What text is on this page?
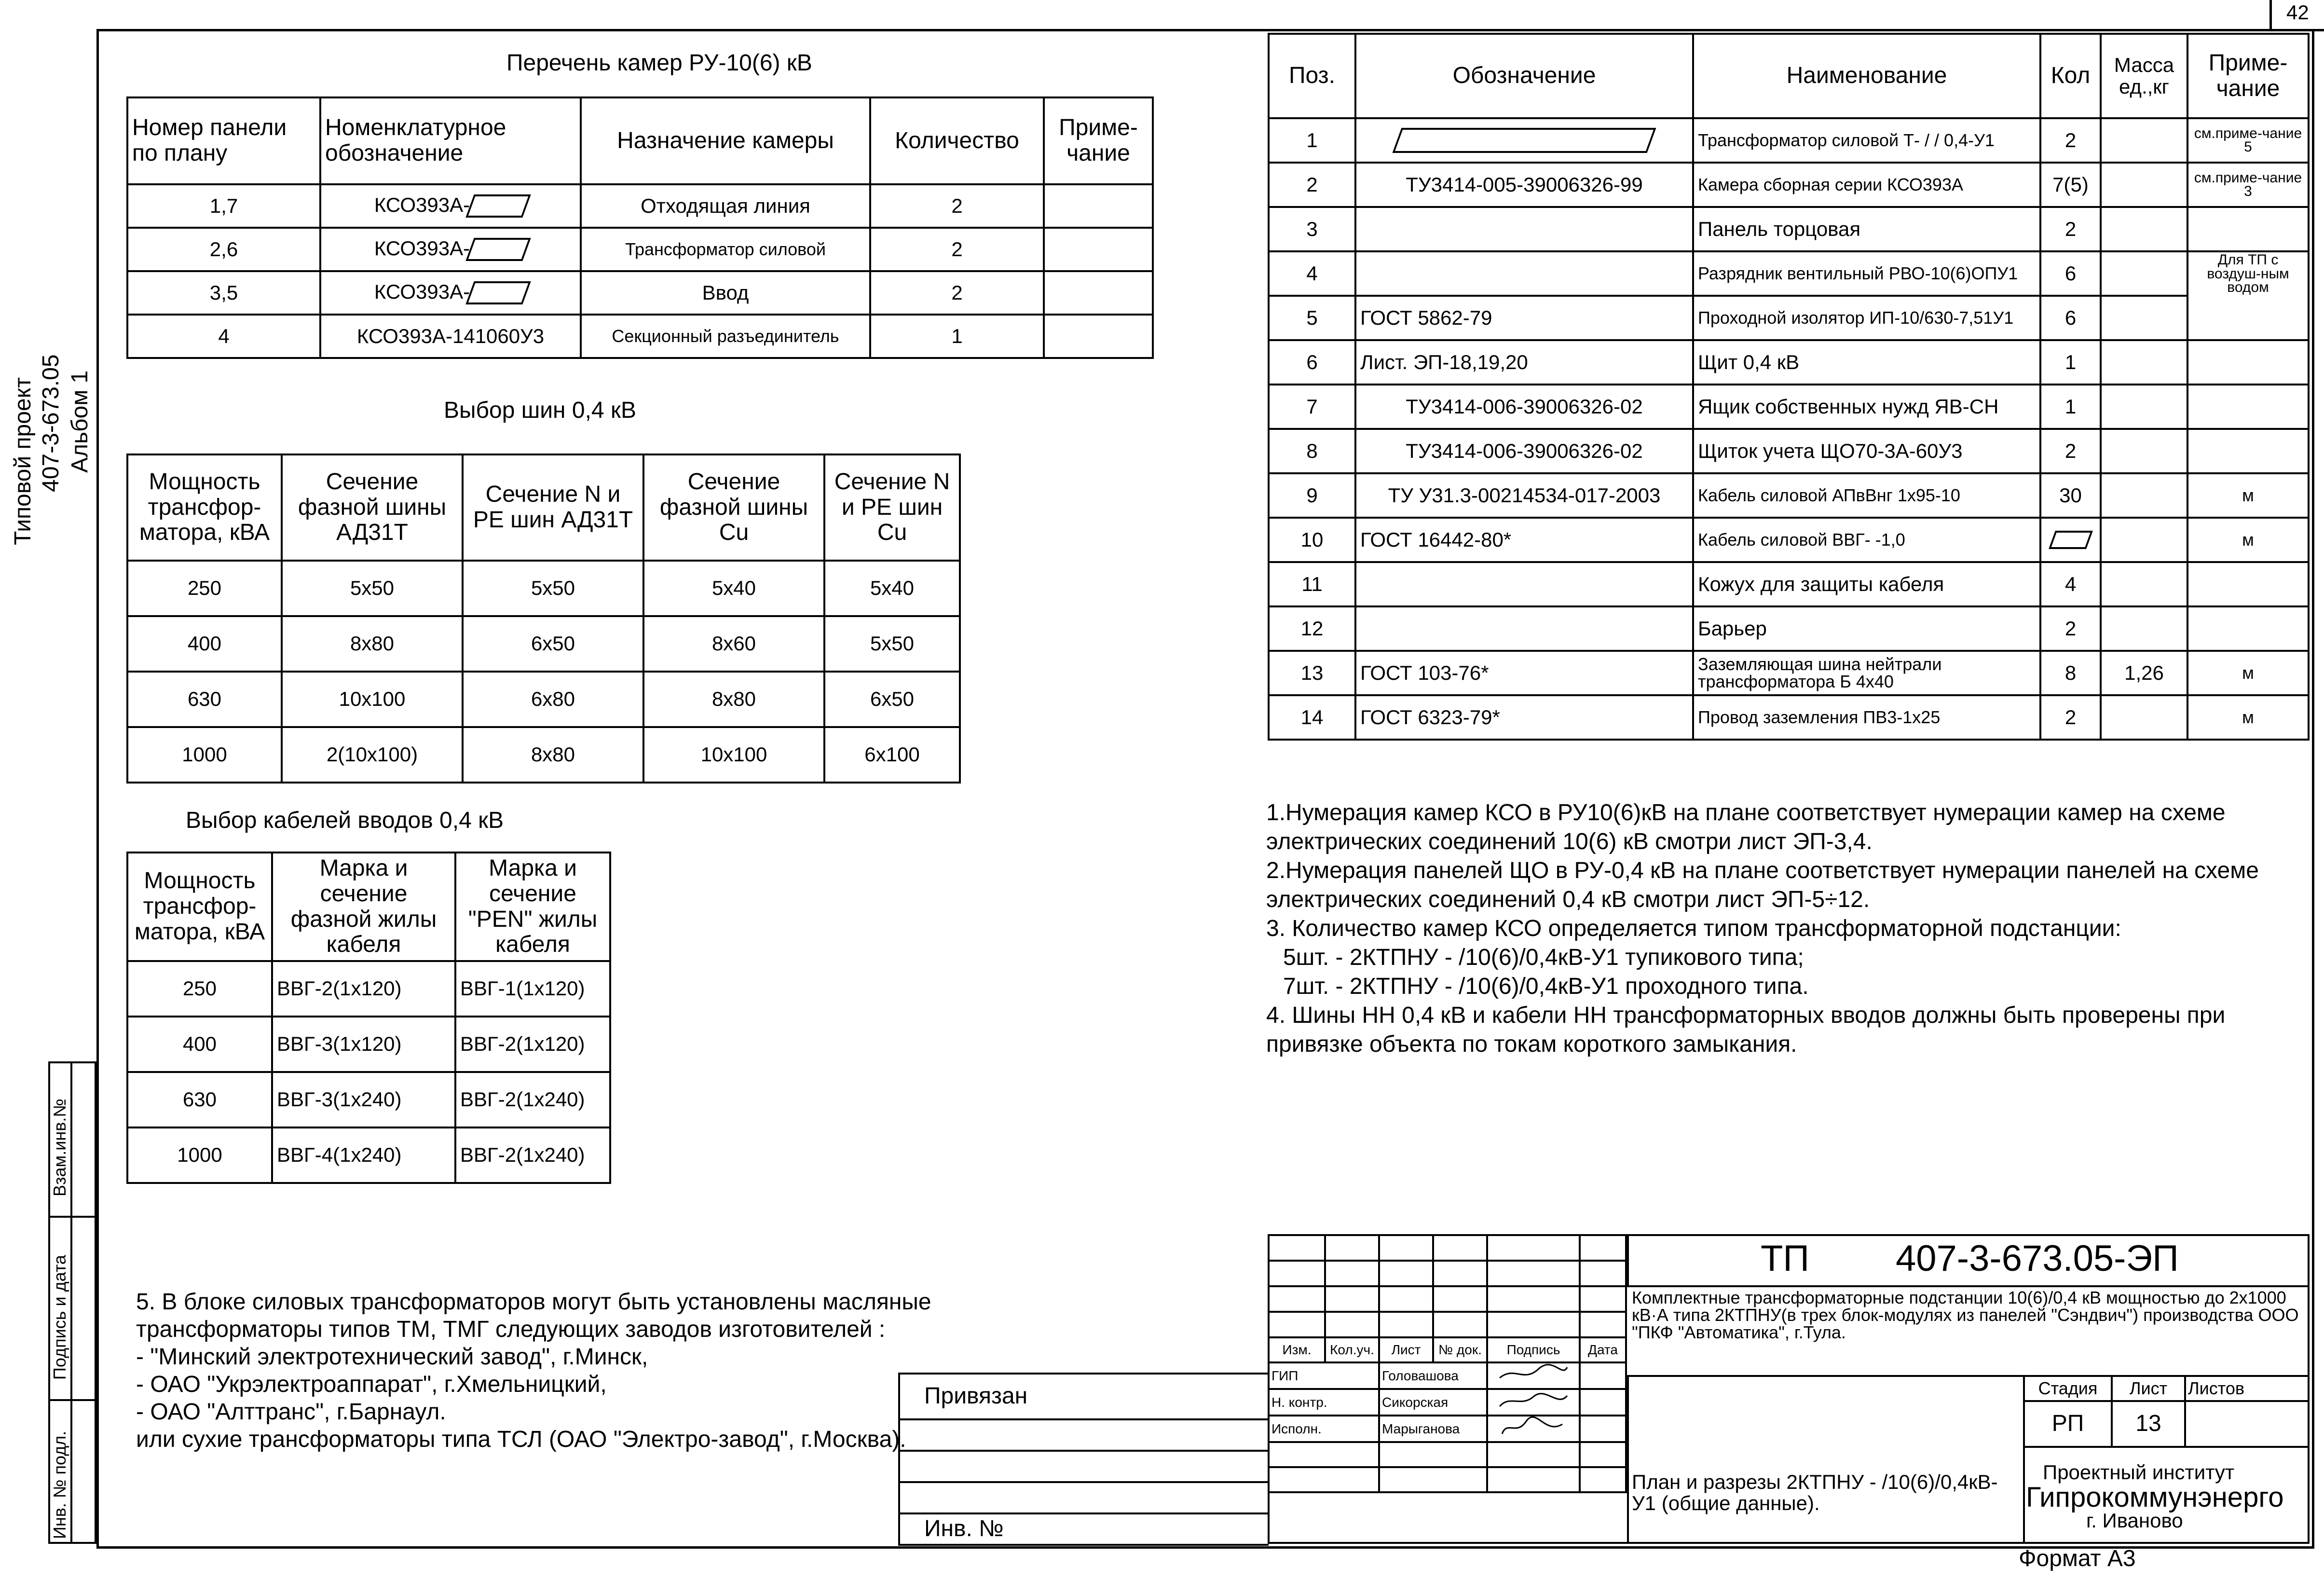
42
Типовой проект 407-3-673.05 Альбом 1
Взам.инв.№
Подпись и дата
Инв. № подл.
Перечень камер РУ-10(6) кВ
Номер панели по плану	Номенклатурное обозначение	Назначение камеры	Количество	Приме-чание
1,7	КСО393А-	Отходящая линия	2	
2,6	КСО393А-	Трансформатор силовой	2	
3,5	КСО393А-	Ввод	2	
4	КСО393А-141060У3	Секционный разъединитель	1	
Выбор шин 0,4 кВ
Мощность трансфор-матора, кВА	Сечение фазной шины АД31Т	Сечение N и PE шин АД31Т	Сечение фазной шины Cu	Сечение N и PE шин Cu
250	5x50	5x50	5x40	5x40
400	8x80	6x50	8x60	5x50
630	10x100	6x80	8x80	6x50
1000	2(10x100)	8x80	10x100	6x100
Выбор кабелей вводов 0,4 кВ
Мощность трансфор-матора, кВА	Марка и сечение фазной жилы кабеля	Марка и сечение "PEN" жилы кабеля
250	ВВГ-2(1x120)	ВВГ-1(1x120)
400	ВВГ-3(1x120)	ВВГ-2(1x120)
630	ВВГ-3(1x240)	ВВГ-2(1x240)
1000	ВВГ-4(1x240)	ВВГ-2(1x240)
Поз.	Обозначение	Наименование	Кол	Масса ед.,кг	Приме-чание
1		Трансформатор силовой Т- / / 0,4-У1	2		см.приме-чание 5
2	ТУ3414-005-39006326-99	Камера сборная серии КСО393А	7(5)		см.приме-чание 3
3		Панель торцовая	2		
4		Разрядник вентильный РВО-10(6)ОПУ1	6		Для ТП с воздуш-ным водом
5	ГОСТ 5862-79	Проходной изолятор ИП-10/630-7,51У1	6		
6	Лист. ЭП-18,19,20	Щит 0,4 кВ	1		
7	ТУ3414-006-39006326-02	Ящик собственных нужд ЯВ-СН	1		
8	ТУ3414-006-39006326-02	Щиток учета ЩО70-3А-60У3	2		
9	ТУ У31.3-00214534-017-2003	Кабель силовой АПвВнг 1x95-10	30		м
10	ГОСТ 16442-80*	Кабель силовой ВВГ- -1,0			м
11		Кожух для защиты кабеля	4		
12		Барьер	2		
13	ГОСТ 103-76*	Заземляющая шина нейтрали трансформатора Б 4x40	8	1,26	м
14	ГОСТ 6323-79*	Провод заземления ПВ3-1x25	2		м
1.Нумерация камер КСО в РУ10(6)кВ на плане соответствует нумерации камер на схеме электрических соединений 10(6) кВ смотри лист ЭП-3,4.
2.Нумерация панелей ЩО в РУ-0,4 кВ на плане соответствует нумерации панелей на схеме электрических соединений 0,4 кВ смотри лист ЭП-5÷12.
3. Количество камер КСО определяется типом трансформаторной подстанции:
5шт. - 2КТПНУ - /10(6)/0,4кВ-У1 тупикового типа;
7шт. - 2КТПНУ - /10(6)/0,4кВ-У1 проходного типа.
4. Шины НН 0,4 кВ и кабели НН трансформаторных вводов должны быть проверены при привязке объекта по токам короткого замыкания.
5. В блоке силовых трансформаторов могут быть установлены масляные трансформаторы типов ТМ, ТМГ следующих заводов изготовителей :
- "Минский электротехнический завод", г.Минск,
- ОАО "Укрэлектроаппарат", г.Хмельницкий,
- ОАО "Алттранс", г.Барнаул.
или сухие трансформаторы типа ТСЛ (ОАО "Электро-завод", г.Москва).
Привязан

Инв. №

Изм.	Кол.уч.	Лист	№ док.	Подпись	Дата
ГИП		Головашова		
Н. контр.		Сикорская		
Исполн.		Марыганова		

ТП 407-3-673.05-ЭП
Комплектные трансформаторные подстанции 10(6)/0,4 кВ мощностью до 2x1000 кВ·А типа 2КТПНУ(в трех блок-модулях из панелей "Сэндвич") производства ООО "ПКФ "Автоматика", г.Тула.
План и разрезы 2КТПНУ - /10(6)/0,4кВ-У1 (общие данные).
Стадия	Лист	Листов
РП	13	
Проектный институт
Гипрокоммунэнерго
г. Иваново
Формат А3
